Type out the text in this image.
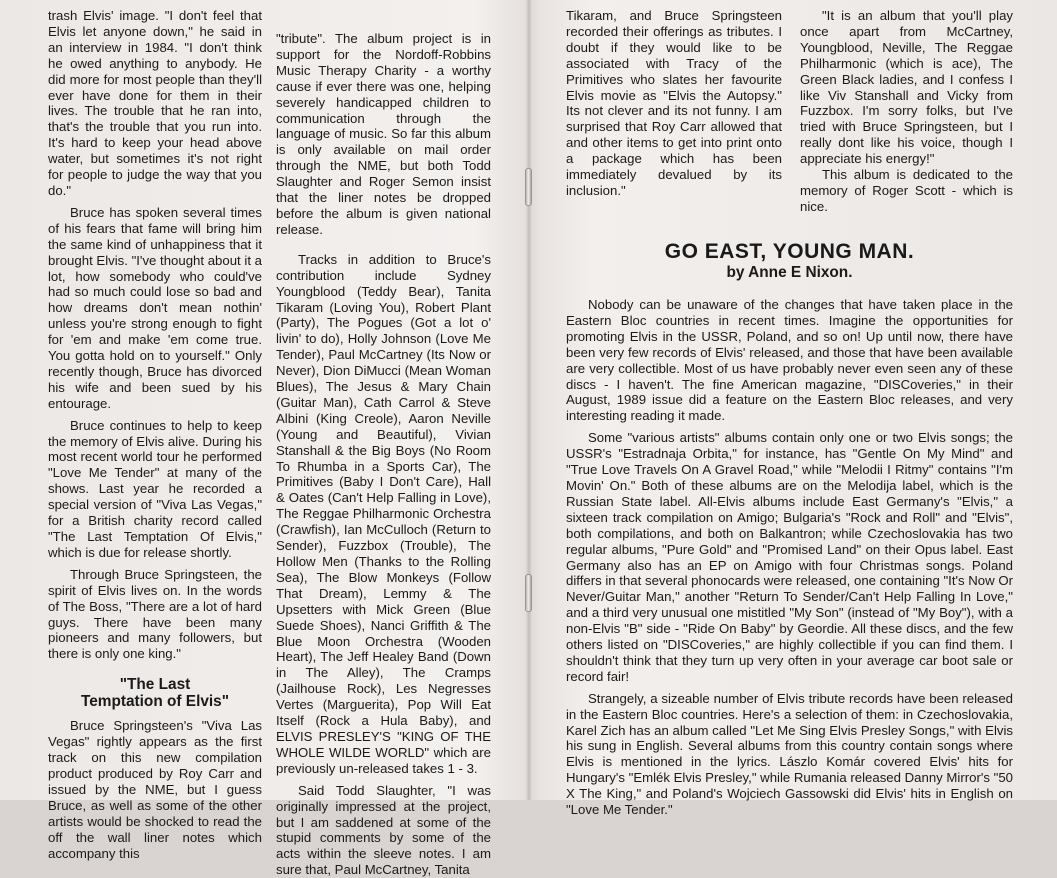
trash Elvis' image. "I don't feel that Elvis let anyone down," he said in an interview in 1984. "I don't think he owed anything to anybody. He did more for most people than they'll ever have done for them in their lives. The trouble that he ran into, that's the trouble that you run into. It's hard to keep your head above water, but sometimes it's not right for people to judge the way that you do."

Bruce has spoken several times of his fears that fame will bring him the same kind of unhappiness that it brought Elvis. "I've thought about it a lot, how somebody who could've had so much could lose so bad and how dreams don't mean nothin' unless you're strong enough to fight for 'em and make 'em come true. You gotta hold on to yourself." Only recently though, Bruce has divorced his wife and been sued by his entourage.

Bruce continues to help to keep the memory of Elvis alive. During his most recent world tour he performed "Love Me Tender" at many of the shows. Last year he recorded a special version of "Viva Las Vegas," for a British charity record called "The Last Temptation Of Elvis," which is due for release shortly.

Through Bruce Springsteen, the spirit of Elvis lives on. In the words of The Boss, "There are a lot of hard guys. There have been many pioneers and many followers, but there is only one king."

"The Last
Temptation of Elvis"

Bruce Springsteen's "Viva Las Vegas" rightly appears as the first track on this new compilation product produced by Roy Carr and issued by the NME, but I guess Bruce, as well as some of the other artists would be shocked to read the off the wall liner notes which accompany this

"tribute". The album project is in support for the Nordoff-Robbins Music Therapy Charity - a worthy cause if ever there was one, helping severely handicapped children to communication through the language of music. So far this album is only available on mail order through the NME, but both Todd Slaughter and Roger Semon insist that the liner notes be dropped before the album is given national release.

Tracks in addition to Bruce's contribution include Sydney Youngblood (Teddy Bear), Tanita Tikaram (Loving You), Robert Plant (Party), The Pogues (Got a lot o' livin' to do), Holly Johnson (Love Me Tender), Paul McCartney (Its Now or Never), Dion DiMucci (Mean Woman Blues), The Jesus & Mary Chain (Guitar Man), Cath Carrol & Steve Albini (King Creole), Aaron Neville (Young and Beautiful), Vivian Stanshall & the Big Boys (No Room To Rhumba in a Sports Car), The Primitives (Baby I Don't Care), Hall & Oates (Can't Help Falling in Love), The Reggae Philharmonic Orchestra (Crawfish), Ian McCulloch (Return to Sender), Fuzzbox (Trouble), The Hollow Men (Thanks to the Rolling Sea), The Blow Monkeys (Follow That Dream), Lemmy & The Upsetters with Mick Green (Blue Suede Shoes), Nanci Griffith & The Blue Moon Orchestra (Wooden Heart), The Jeff Healey Band (Down in The Alley), The Cramps (Jailhouse Rock), Les Negresses Vertes (Marguerita), Pop Will Eat Itself (Rock a Hula Baby), and ELVIS PRESLEY'S "KING OF THE WHOLE WILDE WORLD" which are previously un-released takes 1 - 3.

Said Todd Slaughter, "I was originally impressed at the project, but I am saddened at some of the stupid comments by some of the acts within the sleeve notes. I am sure that, Paul McCartney, Tanita

Tikaram, and Bruce Springsteen recorded their offerings as tributes. I doubt if they would like to be associated with Tracy of the Primitives who slates her favourite Elvis movie as "Elvis the Autopsy." Its not clever and its not funny. I am surprised that Roy Carr allowed that and other items to get into print onto a package which has been immediately devalued by its inclusion."

"It is an album that you'll play once apart from McCartney, Youngblood, Neville, The Reggae Philharmonic (which is ace), The Green Black ladies, and I confess I like Viv Stanshall and Vicky from Fuzzbox. I'm sorry folks, but I've tried with Bruce Springsteen, but I really dont like his voice, though I appreciate his energy!"

This album is dedicated to the memory of Roger Scott - which is nice.

GO EAST, YOUNG MAN.
by Anne E Nixon.

Nobody can be unaware of the changes that have taken place in the Eastern Bloc countries in recent times. Imagine the opportunities for promoting Elvis in the USSR, Poland, and so on! Up until now, there have been very few records of Elvis' released, and those that have been available are very collectible. Most of us have probably never even seen any of these discs - I haven't. The fine American magazine, "DISCoveries," in their August, 1989 issue did a feature on the Eastern Bloc releases, and very interesting reading it made.

Some "various artists" albums contain only one or two Elvis songs; the USSR's "Estradnaja Orbita," for instance, has "Gentle On My Mind" and "True Love Travels On A Gravel Road," while "Melodii I Ritmy" contains "I'm Movin' On." Both of these albums are on the Melodija label, which is the Russian State label. All-Elvis albums include East Germany's "Elvis," a sixteen track compilation on Amigo; Bulgaria's "Rock and Roll" and "Elvis", both compilations, and both on Balkantron; while Czechoslovakia has two regular albums, "Pure Gold" and "Promised Land" on their Opus label. East Germany also has an EP on Amigo with four Christmas songs. Poland differs in that several phonocards were released, one containing "It's Now Or Never/Guitar Man," another "Return To Sender/Can't Help Falling In Love," and a third very unusual one mistitled "My Son" (instead of "My Boy"), with a non-Elvis "B" side - "Ride On Baby" by Geordie. All these discs, and the few others listed on "DISCoveries," are highly collectible if you can find them. I shouldn't think that they turn up very often in your average car boot sale or record fair!

Strangely, a sizeable number of Elvis tribute records have been released in the Eastern Bloc countries. Here's a selection of them: in Czechoslovakia, Karel Zich has an album called "Let Me Sing Elvis Presley Songs," with Elvis his sung in English. Several albums from this country contain songs where Elvis is mentioned in the lyrics. Lászlo Komár covered Elvis' hits for Hungary's "Emlék Elvis Presley," while Rumania released Danny Mirror's "50 X The King," and Poland's Wojciech Gassowski did Elvis' hits in English on "Love Me Tender."
